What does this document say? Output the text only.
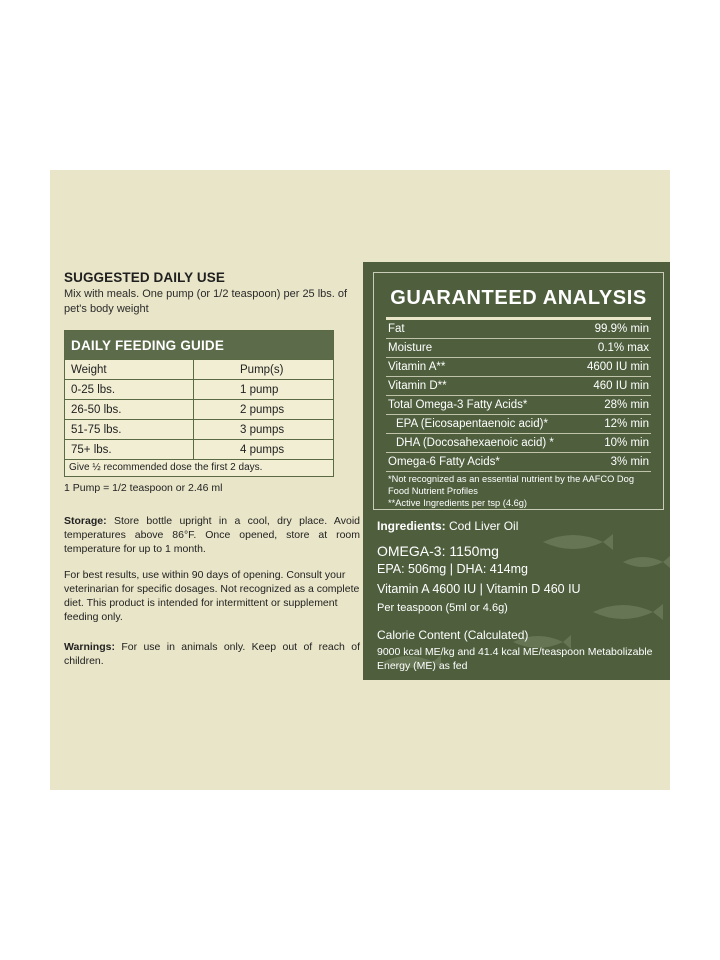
SUGGESTED DAILY USE
Mix with meals. One pump (or 1/2 teaspoon) per 25 lbs. of pet's body weight
DAILY FEEDING GUIDE
Weight	Pump(s)
0-25 lbs.	1 pump
26-50 lbs.	2 pumps
51-75 lbs.	3 pumps
75+ lbs.	4 pumps
Give ½ recommended dose the first 2 days.
1 Pump = 1/2 teaspoon or 2.46 ml
Storage: Store bottle upright in a cool, dry place. Avoid temperatures above 86°F. Once opened, store at room temperature for up to 1 month.
For best results, use within 90 days of opening. Consult your veterinarian for specific dosages. Not recognized as a complete diet. This product is intended for intermittent or supplement feeding only.
Warnings: For use in animals only. Keep out of reach of children.
GUARANTEED ANALYSIS
Fat	99.9% min
Moisture	0.1% max
Vitamin A**	4600 IU min
Vitamin D**	460 IU min
Total Omega-3 Fatty Acids*	28% min
EPA (Eicosapentaenoic acid)*	12% min
DHA (Docosahexaenoic acid) *	10% min
Omega-6 Fatty Acids*	3% min
*Not recognized as an essential nutrient by the AAFCO Dog Food Nutrient Profiles
**Active Ingredients per tsp (4.6g)
Ingredients: Cod Liver Oil
OMEGA-3: 1150mg
EPA: 506mg | DHA: 414mg
Vitamin A 4600 IU | Vitamin D 460 IU
Per teaspoon (5ml or 4.6g)
Calorie Content (Calculated)
9000 kcal ME/kg and 41.4 kcal ME/teaspoon Metabolizable Energy (ME) as fed
